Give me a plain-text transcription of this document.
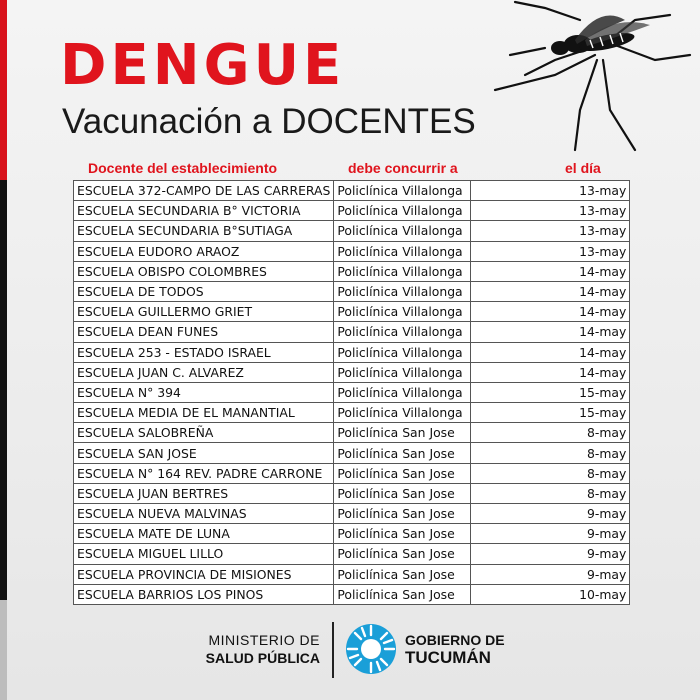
DENGUE
Vacunación a DOCENTES
Docente del establecimiento	debe concurrir a	el día
ESCUELA 372-CAMPO DE LAS CARRERAS	Policlínica Villalonga	13-may
ESCUELA SECUNDARIA B° VICTORIA	Policlínica Villalonga	13-may
ESCUELA SECUNDARIA B°SUTIAGA	Policlínica Villalonga	13-may
ESCUELA EUDORO ARAOZ	Policlínica Villalonga	13-may
ESCUELA OBISPO COLOMBRES	Policlínica Villalonga	14-may
ESCUELA DE TODOS	Policlínica Villalonga	14-may
ESCUELA GUILLERMO GRIET	Policlínica Villalonga	14-may
ESCUELA DEAN FUNES	Policlínica Villalonga	14-may
ESCUELA 253 - ESTADO ISRAEL	Policlínica Villalonga	14-may
ESCUELA JUAN C. ALVAREZ	Policlínica Villalonga	14-may
ESCUELA N° 394	Policlínica Villalonga	15-may
ESCUELA MEDIA DE EL MANANTIAL	Policlínica Villalonga	15-may
ESCUELA SALOBREÑA	Policlínica San Jose	8-may
ESCUELA SAN JOSE	Policlínica San Jose	8-may
ESCUELA N° 164 REV. PADRE CARRONE	Policlínica San Jose	8-may
ESCUELA JUAN BERTRES	Policlínica San Jose	8-may
ESCUELA NUEVA MALVINAS	Policlínica San Jose	9-may
ESCUELA MATE DE LUNA	Policlínica San Jose	9-may
ESCUELA MIGUEL LILLO	Policlínica San Jose	9-may
ESCUELA PROVINCIA DE MISIONES	Policlínica San Jose	9-may
ESCUELA BARRIOS LOS PINOS	Policlínica San Jose	10-may
MINISTERIO DE
SALUD PÚBLICA
GOBIERNO DE
TUCUMÁN
